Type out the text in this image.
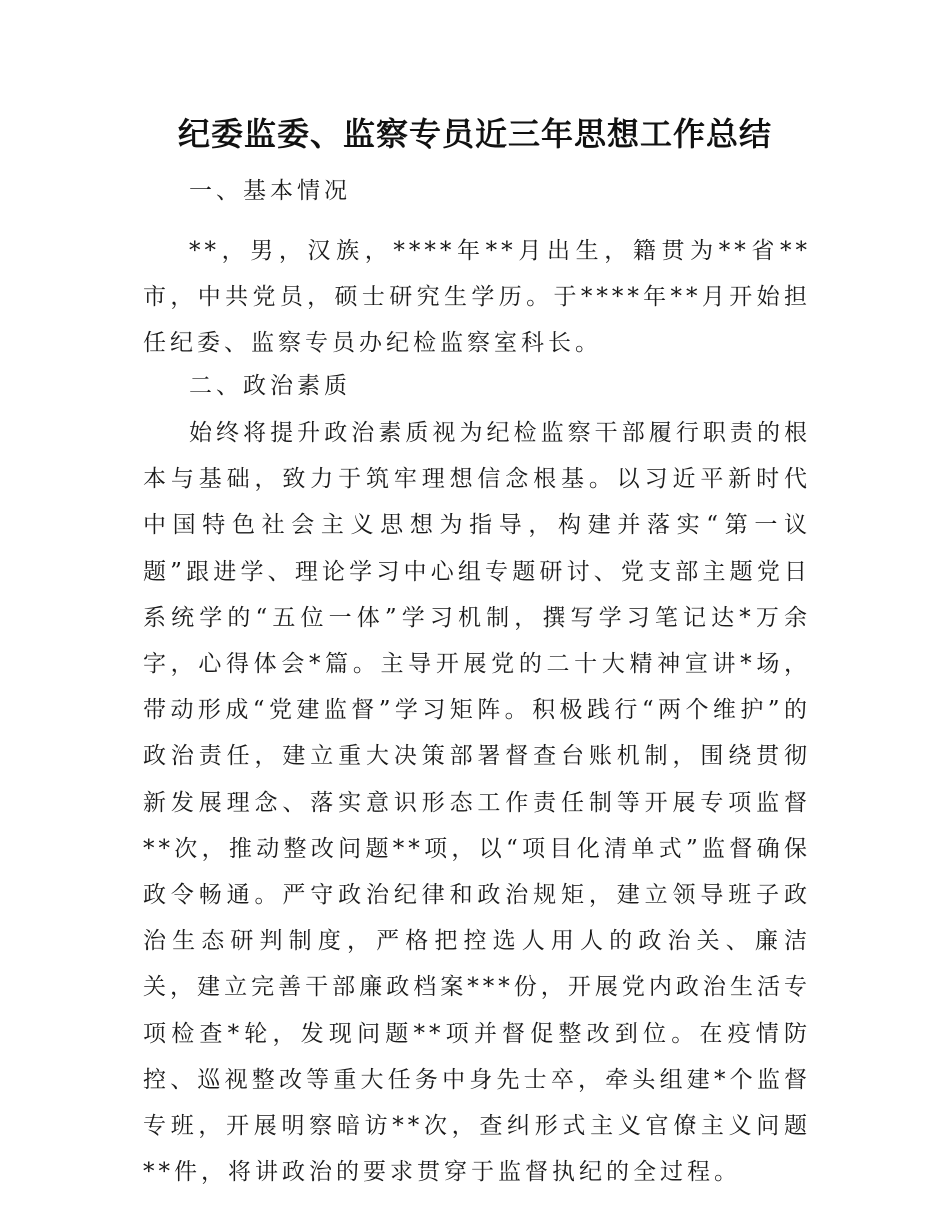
纪委监委、监察专员近三年思想工作总结
一、基本情况
**，男，汉族，****年**月出生，籍贯为**省**市，中共党员，硕士研究生学历。于****年**月开始担任纪委、监察专员办纪检监察室科长。
二、政治素质
始终将提升政治素质视为纪检监察干部履行职责的根本与基础，致力于筑牢理想信念根基。以习近平新时代中国特色社会主义思想为指导，构建并落实“第一议题”跟进学、理论学习中心组专题研讨、党支部主题党日系统学的“五位一体”学习机制，撰写学习笔记达*万余字，心得体会*篇。主导开展党的二十大精神宣讲*场，带动形成“党建监督”学习矩阵。积极践行“两个维护”的政治责任，建立重大决策部署督查台账机制，围绕贯彻新发展理念、落实意识形态工作责任制等开展专项监督**次，推动整改问题**项，以“项目化清单式”监督确保政令畅通。严守政治纪律和政治规矩，建立领导班子政治生态研判制度，严格把控选人用人的政治关、廉洁关，建立完善干部廉政档案***份，开展党内政治生活专项检查*轮，发现问题**项并督促整改到位。在疫情防控、巡视整改等重大任务中身先士卒，牵头组建*个监督专班，开展明察暗访**次，查纠形式主义官僚主义问题**件，将讲政治的要求贯穿于监督执纪的全过程。
